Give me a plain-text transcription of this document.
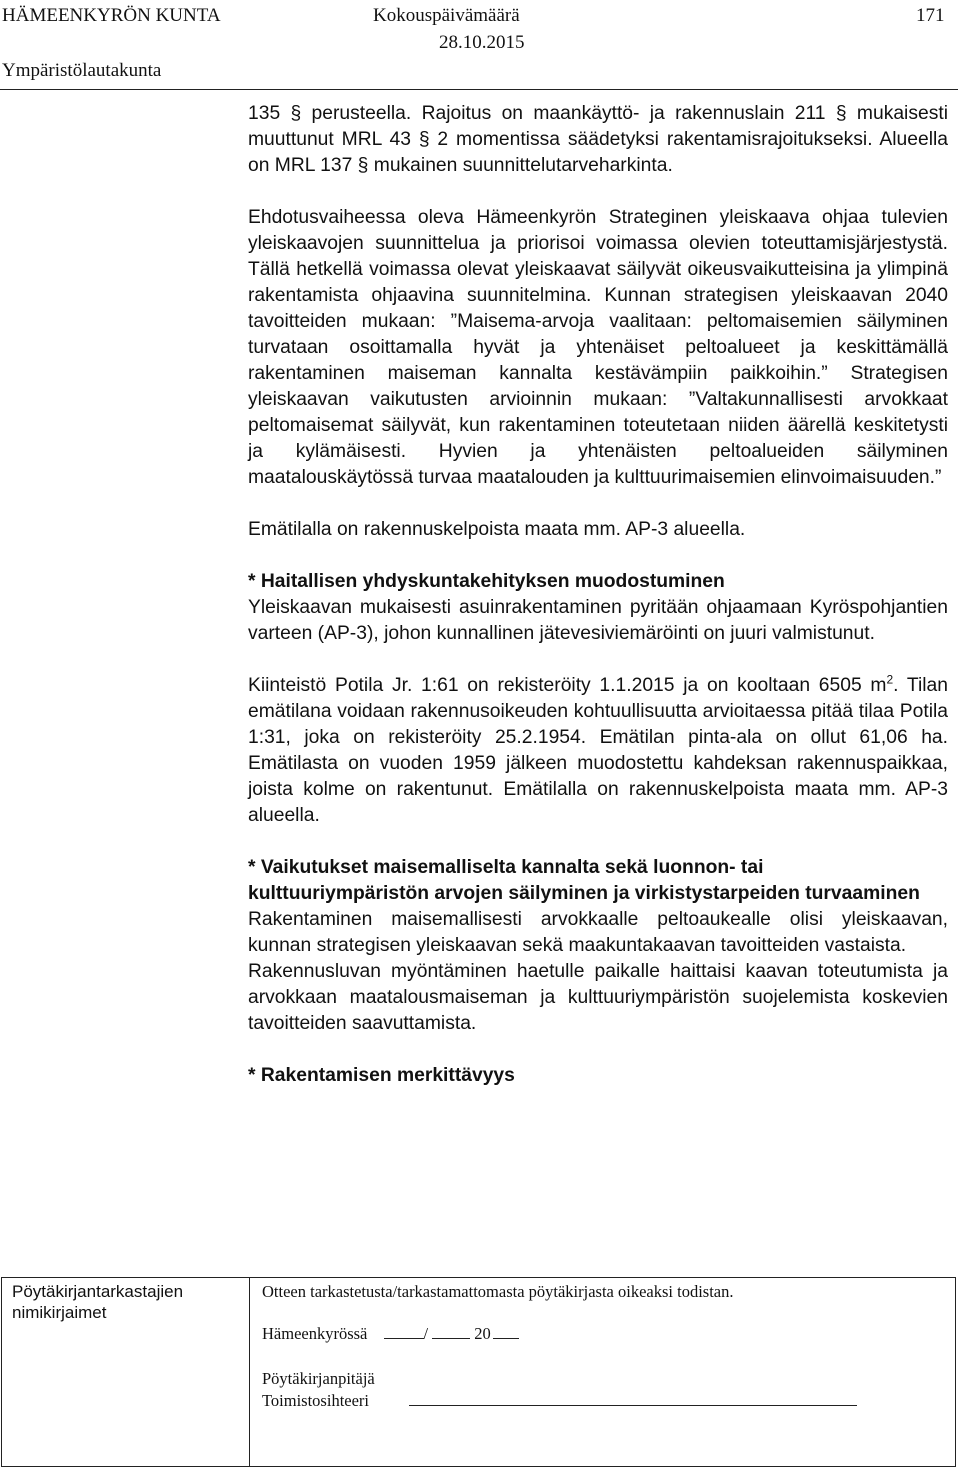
HÄMEENKYRÖN KUNTA	Kokouspäivämäärä
28.10.2015
171
Ympäristölautakunta

135 § perusteella. Rajoitus on maankäyttö- ja rakennuslain 211 § mukaisesti muuttunut MRL 43 § 2 momentissa säädetyksi rakentamisrajoitukseksi. Alueella on MRL 137 § mukainen suunnittelutarveharkinta.

Ehdotusvaiheessa oleva Hämeenkyrön Strateginen yleiskaava ohjaa tulevien yleiskaavojen suunnittelua ja priorisoi voimassa olevien toteuttamisjärjestystä. Tällä hetkellä voimassa olevat yleiskaavat säilyvät oikeusvaikutteisina ja ylimpinä rakentamista ohjaavina suunnitelmina. Kunnan strategisen yleiskaavan 2040 tavoitteiden mukaan: ”Maisema-arvoja vaalitaan: peltomaisemien säilyminen turvataan osoittamalla hyvät ja yhtenäiset peltoalueet ja keskittämällä rakentaminen maiseman kannalta kestävämpiin paikkoihin.” Strategisen yleiskaavan vaikutusten arvioinnin mukaan: ”Valtakunnallisesti arvokkaat peltomaisemat säilyvät, kun rakentaminen toteutetaan niiden äärellä keskitetysti ja kylämäisesti. Hyvien ja yhtenäisten peltoalueiden säilyminen maatalouskäytössä turvaa maatalouden ja kulttuurimaisemien elinvoimaisuuden.”

Emätilalla on rakennuskelpoista maata mm. AP-3 alueella.

* Haitallisen yhdyskuntakehityksen muodostuminen

Yleiskaavan mukaisesti asuinrakentaminen pyritään ohjaamaan Kyröspohjantien varteen (AP-3), johon kunnallinen jätevesiviemäröinti on juuri valmistunut.

Kiinteistö Potila Jr. 1:61 on rekisteröity 1.1.2015 ja on kooltaan 6505 $m^2$. Tilan emätilana voidaan rakennusoikeuden kohtuullisuutta arvioitaessa pitää tilaa Potila 1:31, joka on rekisteröity 25.2.1954. Emätilan pinta-ala on ollut 61,06 ha. Emätilasta on vuoden 1959 jälkeen muodostettu kahdeksan rakennuspaikkaa, joista kolme on rakentunut. Emätilalla on rakennuskelpoista maata mm. AP-3 alueella.

* Vaikutukset maisemalliselta kannalta sekä luonnon- tai kulttuuriympäristön arvojen säilyminen ja virkistystarpeiden turvaaminen

Rakentaminen maisemallisesti arvokkaalle peltoaukealle olisi yleiskaavan, kunnan strategisen yleiskaavan sekä maakuntakaavan tavoitteiden vastaista.

Rakennusluvan myöntäminen haetulle paikalle haittaisi kaavan toteutumista ja arvokkaan maatalousmaiseman ja kulttuuriympäristön suojelemista koskevien tavoitteiden saavuttamista.

* Rakentamisen merkittävyys

Pöytäkirjantarkastajien
nimikirjaimet
Otteen tarkastetusta/tarkastamattomasta pöytäkirjasta oikeaksi todistan.
Hämeenkyrössä	/	20
Pöytäkirjanpitäjä
Toimistosihteeri
